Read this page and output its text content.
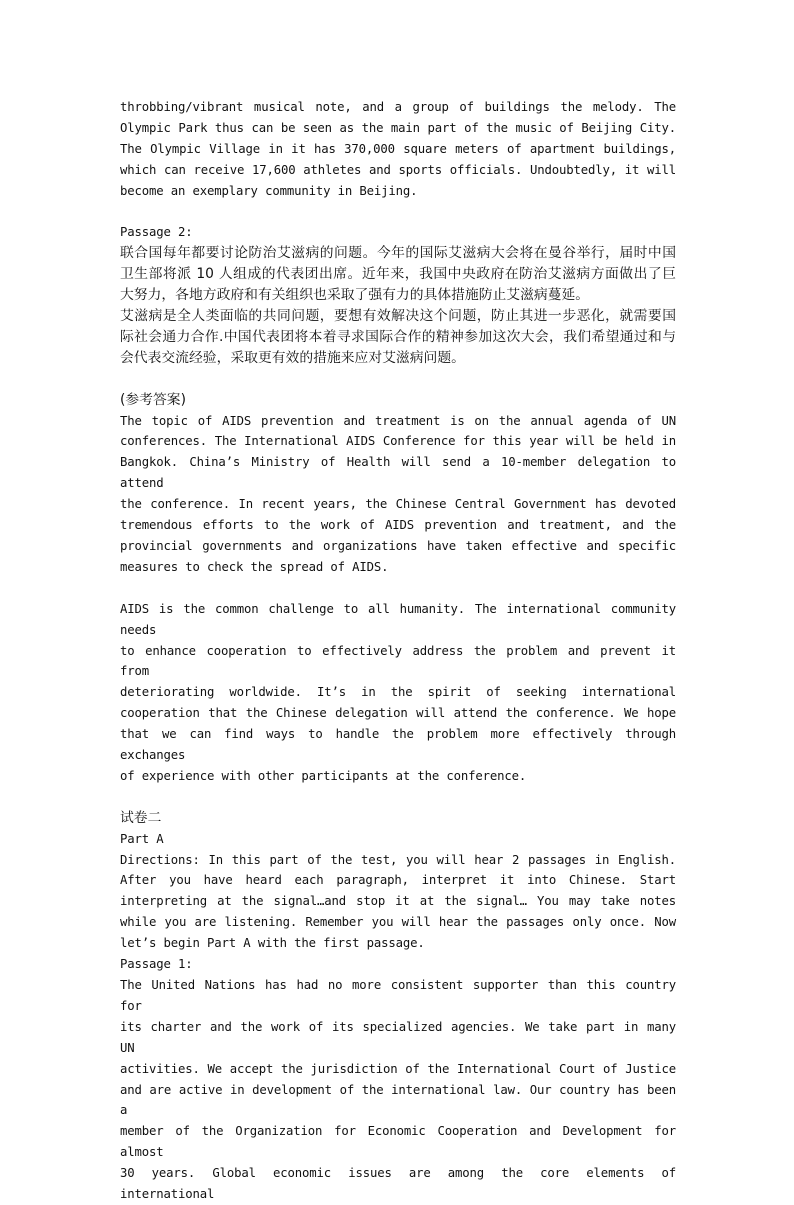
throbbing/vibrant musical note, and a group of buildings the melody. The
Olympic Park thus can be seen as the main part of the music of Beijing City.
The Olympic Village in it has 370,000 square meters of apartment buildings,
which can receive 17,600 athletes and sports officials. Undoubtedly, it will
become an exemplary community in Beijing.
Passage 2:
联合国每年都要讨论防治艾滋病的问题。今年的国际艾滋病大会将在曼谷举行，届时中国
卫生部将派 10 人组成的代表团出席。近年来，我国中央政府在防治艾滋病方面做出了巨
大努力，各地方政府和有关组织也采取了强有力的具体措施防止艾滋病蔓延。
艾滋病是全人类面临的共同问题，要想有效解决这个问题，防止其进一步恶化，就需要国
际社会通力合作.中国代表团将本着寻求国际合作的精神参加这次大会，我们希望通过和与
会代表交流经验，采取更有效的措施来应对艾滋病问题。
(参考答案)
The topic of AIDS prevention and treatment is on the annual agenda of UN
conferences. The International AIDS Conference for this year will be held in
Bangkok. China’s Ministry of Health will send a 10-member delegation to attend
the conference. In recent years, the Chinese Central Government has devoted
tremendous efforts to the work of AIDS prevention and treatment, and the
provincial governments and organizations have taken effective and specific
measures to check the spread of AIDS.
AIDS is the common challenge to all humanity. The international community needs
to enhance cooperation to effectively address the problem and prevent it from
deteriorating worldwide. It’s in the spirit of seeking international
cooperation that the Chinese delegation will attend the conference. We hope
that we can find ways to handle the problem more effectively through exchanges
of experience with other participants at the conference.
试卷二
Part A
Directions: In this part of the test, you will hear 2 passages in English.
After you have heard each paragraph, interpret it into Chinese. Start
interpreting at the signal…and stop it at the signal… You may take notes
while you are listening. Remember you will hear the passages only once. Now
let’s begin Part A with the first passage.
Passage 1:
The United Nations has had no more consistent supporter than this country for
its charter and the work of its specialized agencies. We take part in many UN
activities. We accept the jurisdiction of the International Court of Justice
and are active in development of the international law. Our country has been a
member of the Organization for Economic Cooperation and Development for almost
30 years. Global economic issues are among the core elements of international
